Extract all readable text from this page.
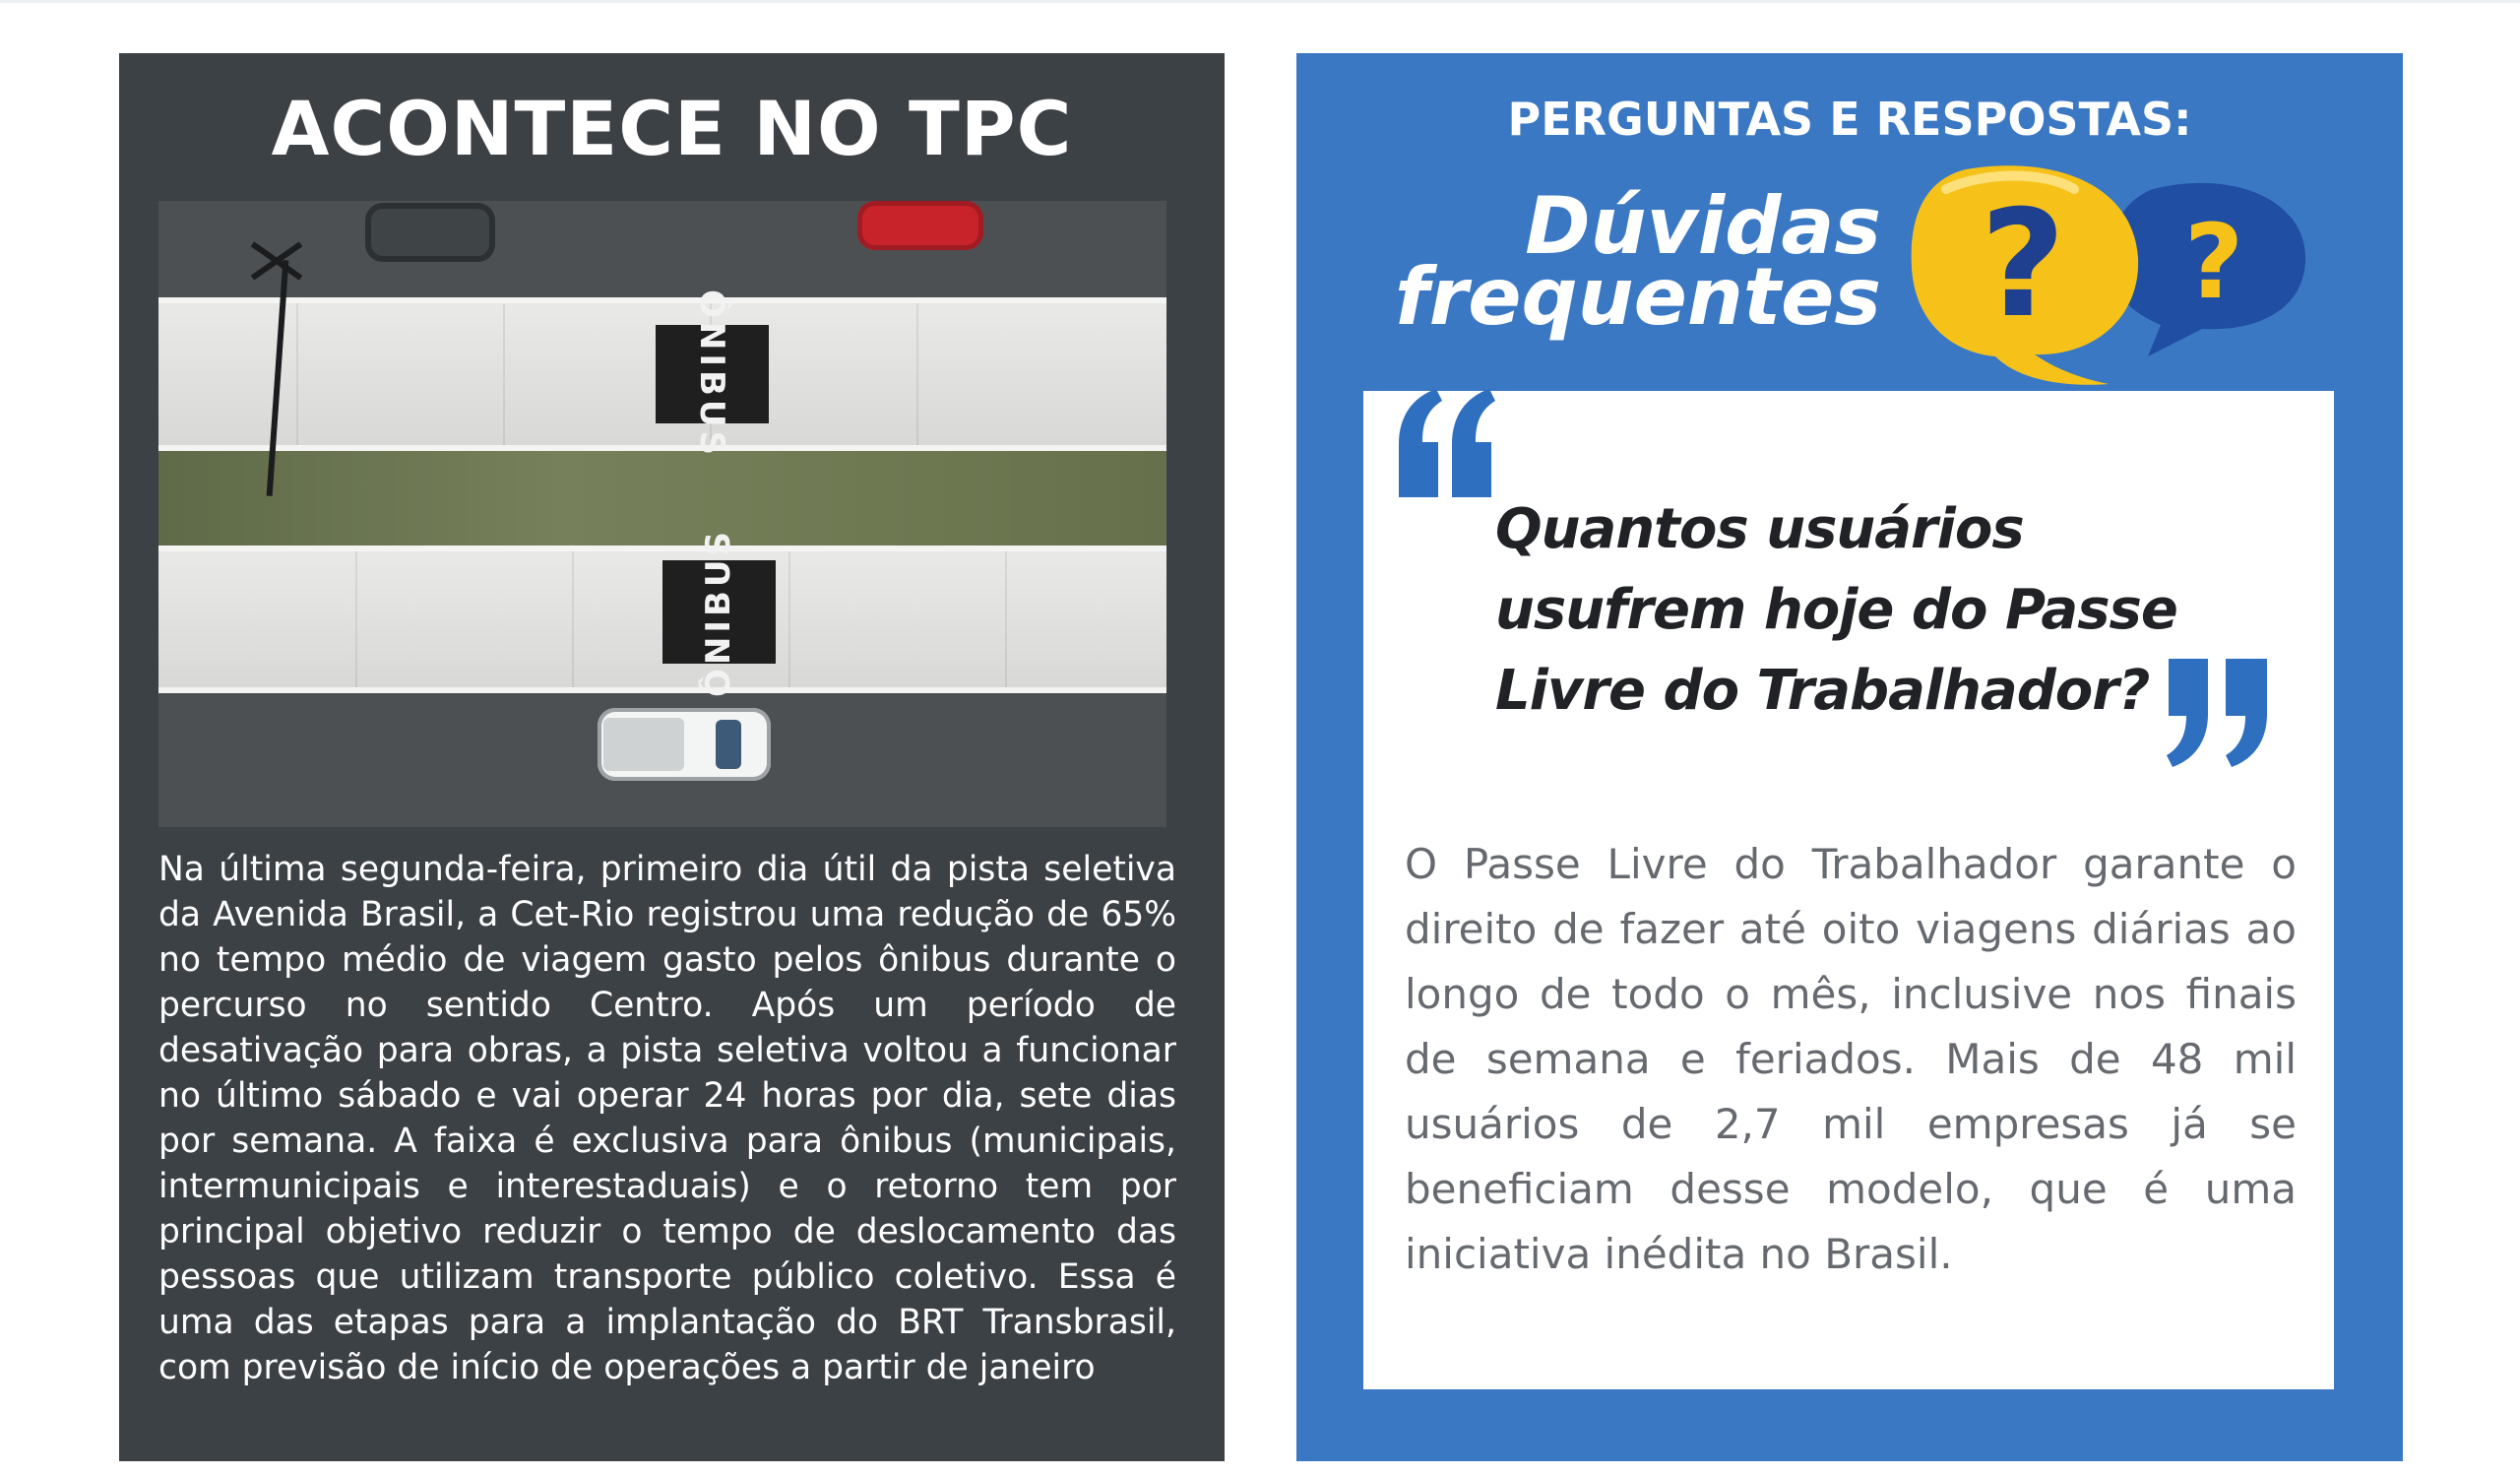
ACONTECE NO TPC
ÔNIBUS
ÔNIBUS

Na última segunda-feira, primeiro dia útil da pista seletiva da Avenida Brasil, a Cet-Rio registrou uma redução de 65% no tempo médio de viagem gasto pelos ônibus durante o percurso no sentido Centro. Após um período de desativação para obras, a pista seletiva voltou a funcionar no último sábado e vai operar 24 horas por dia, sete dias por semana. A faixa é exclusiva para ônibus (municipais, intermunicipais e interestaduais) e o retorno tem por principal objetivo reduzir o tempo de deslocamento das pessoas que utilizam transporte público coletivo. Essa é uma das etapas para a implantação do BRT Transbrasil, com previsão de início de operações a partir de janeiro

PERGUNTAS E RESPOSTAS:
Dúvidas
frequentes ? ?
Quantos usuários usufrem hoje do Passe Livre do Trabalhador?

O Passe Livre do Trabalhador garante o direito de fazer até oito viagens diárias ao longo de todo o mês, inclusive nos finais de semana e feriados. Mais de 48 mil usuários de 2,7 mil empresas já se beneficiam desse modelo, que é uma iniciativa inédita no Brasil.
